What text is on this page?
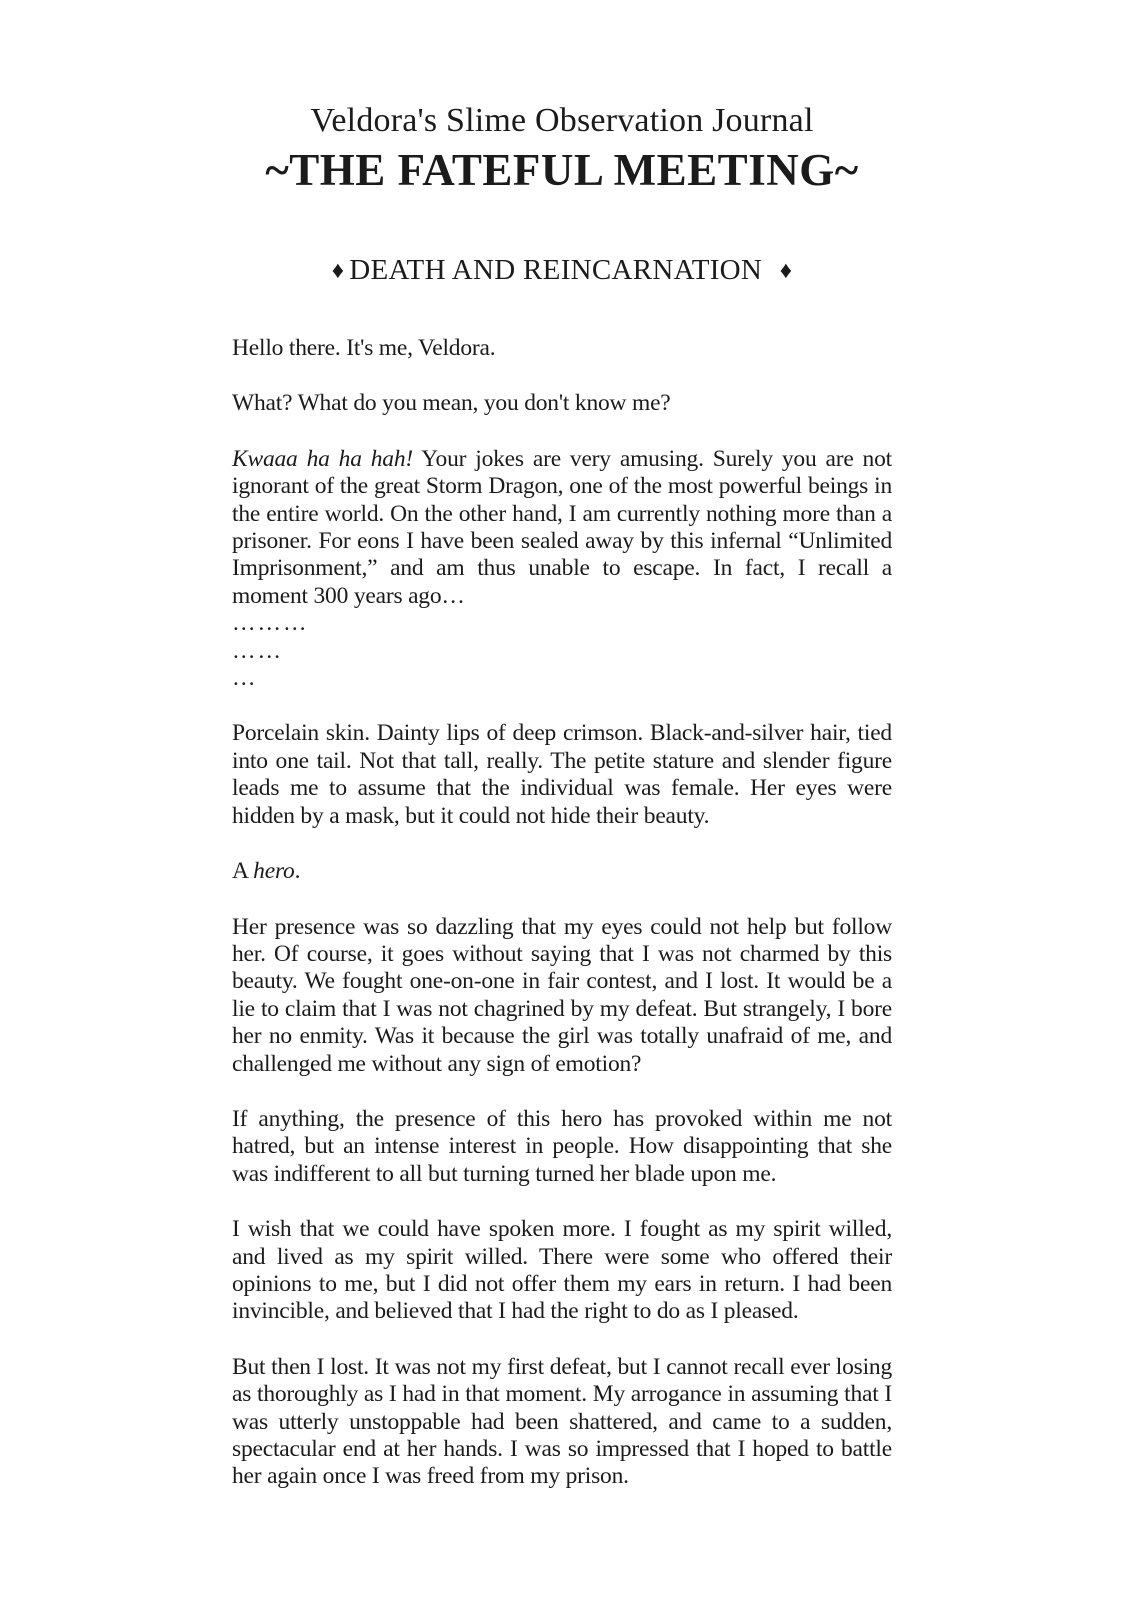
Veldora's Slime Observation Journal
~THE FATEFUL MEETING~
♦ DEATH AND REINCARNATION ♦

Hello there. It's me, Veldora.

What? What do you mean, you don't know me?

Kwaaa ha ha hah! Your jokes are very amusing. Surely you are not ignorant of the great Storm Dragon, one of the most powerful beings in the entire world. On the other hand, I am currently nothing more than a prisoner. For eons I have been sealed away by this infernal “Unlimited Imprisonment,” and am thus unable to escape. In fact, I recall a moment 300 years ago…

………
……
…

Porcelain skin. Dainty lips of deep crimson. Black-and-silver hair, tied into one tail. Not that tall, really. The petite stature and slender figure leads me to assume that the individual was female. Her eyes were hidden by a mask, but it could not hide their beauty.

A hero.

Her presence was so dazzling that my eyes could not help but follow her. Of course, it goes without saying that I was not charmed by this beauty. We fought one-on-one in fair contest, and I lost. It would be a lie to claim that I was not chagrined by my defeat. But strangely, I bore her no enmity. Was it because the girl was totally unafraid of me, and challenged me without any sign of emotion?

If anything, the presence of this hero has provoked within me not hatred, but an intense interest in people. How disappointing that she was indifferent to all but turning turned her blade upon me.

I wish that we could have spoken more. I fought as my spirit willed, and lived as my spirit willed. There were some who offered their opinions to me, but I did not offer them my ears in return. I had been invincible, and believed that I had the right to do as I pleased.

But then I lost. It was not my first defeat, but I cannot recall ever losing as thoroughly as I had in that moment. My arrogance in assuming that I was utterly unstoppable had been shattered, and came to a sudden, spectacular end at her hands. I was so impressed that I hoped to battle her again once I was freed from my prison.
